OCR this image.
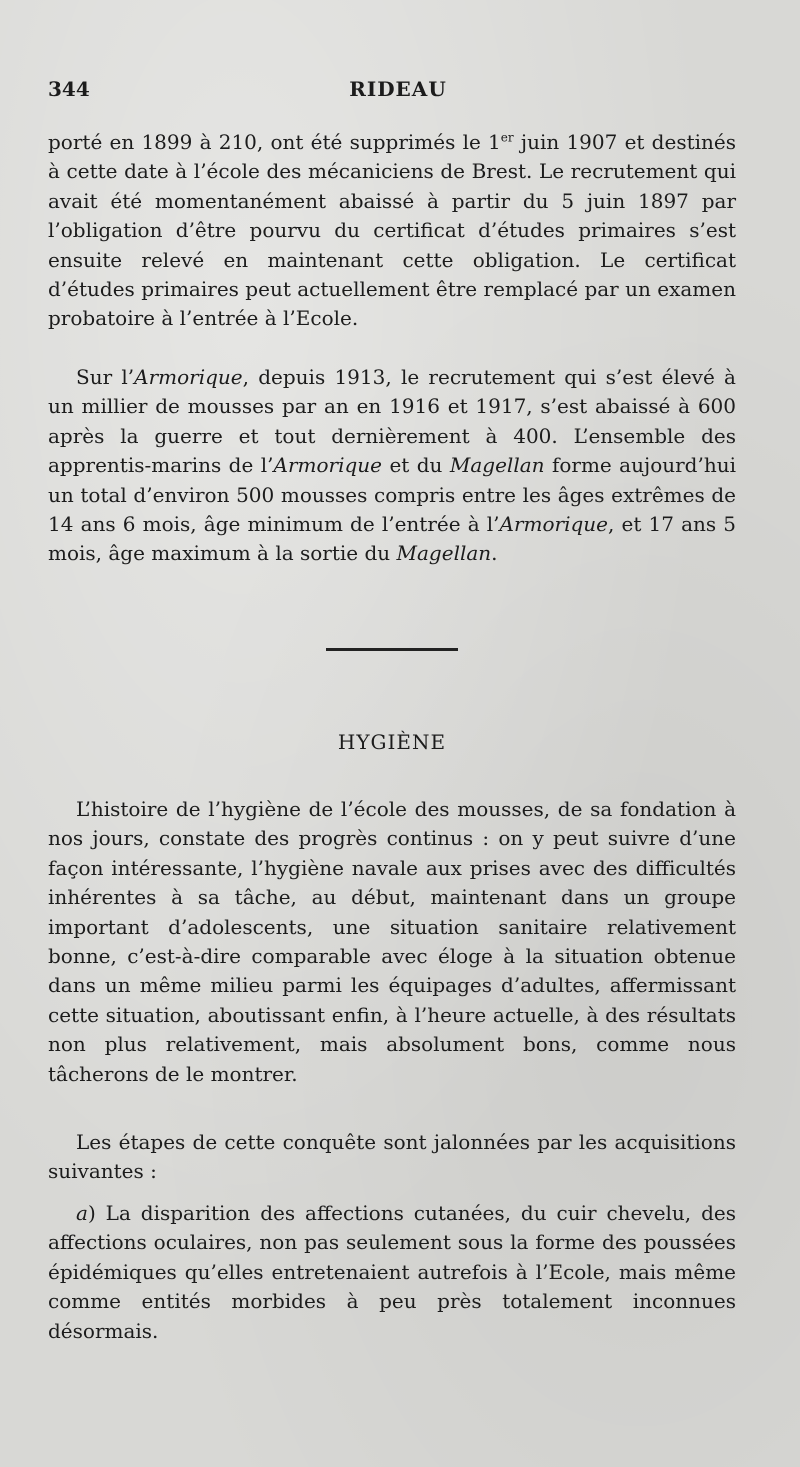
344	RIDEAU

porté en 1899 à 210, ont été supprimés le 1er juin 1907 et destinés à cette date à l’école des mécaniciens de Brest. Le recrutement qui avait été momentanément abaissé à partir du 5 juin 1897 par l’obligation d’être pourvu du certificat d’études primaires s’est ensuite relevé en maintenant cette obligation. Le certificat d’études primaires peut actuellement être remplacé par un examen probatoire à l’entrée à l’Ecole.

Sur l’Armorique, depuis 1913, le recrutement qui s’est élevé à un millier de mousses par an en 1916 et 1917, s’est abaissé à 600 après la guerre et tout dernièrement à 400. L’ensemble des apprentis-marins de l’Armorique et du Magellan forme aujourd’hui un total d’environ 500 mousses compris entre les âges extrêmes de 14 ans 6 mois, âge minimum de l’entrée à l’Armorique, et 17 ans 5 mois, âge maximum à la sortie du Magellan.

HYGIÈNE

L’histoire de l’hygiène de l’école des mousses, de sa fondation à nos jours, constate des progrès continus : on y peut suivre d’une façon intéressante, l’hygiène navale aux prises avec des difficultés inhérentes à sa tâche, au début, maintenant dans un groupe important d’adolescents, une situation sanitaire relativement bonne, c’est-à-dire comparable avec éloge à la situation obtenue dans un même milieu parmi les équipages d’adultes, affermissant cette situation, aboutissant enfin, à l’heure actuelle, à des résultats non plus relativement, mais absolument bons, comme nous tâcherons de le montrer.

Les étapes de cette conquête sont jalonnées par les acquisitions suivantes :

a) La disparition des affections cutanées, du cuir chevelu, des affections oculaires, non pas seulement sous la forme des poussées épidémiques qu’elles entretenaient autrefois à l’Ecole, mais même comme entités morbides à peu près totalement inconnues désormais.
